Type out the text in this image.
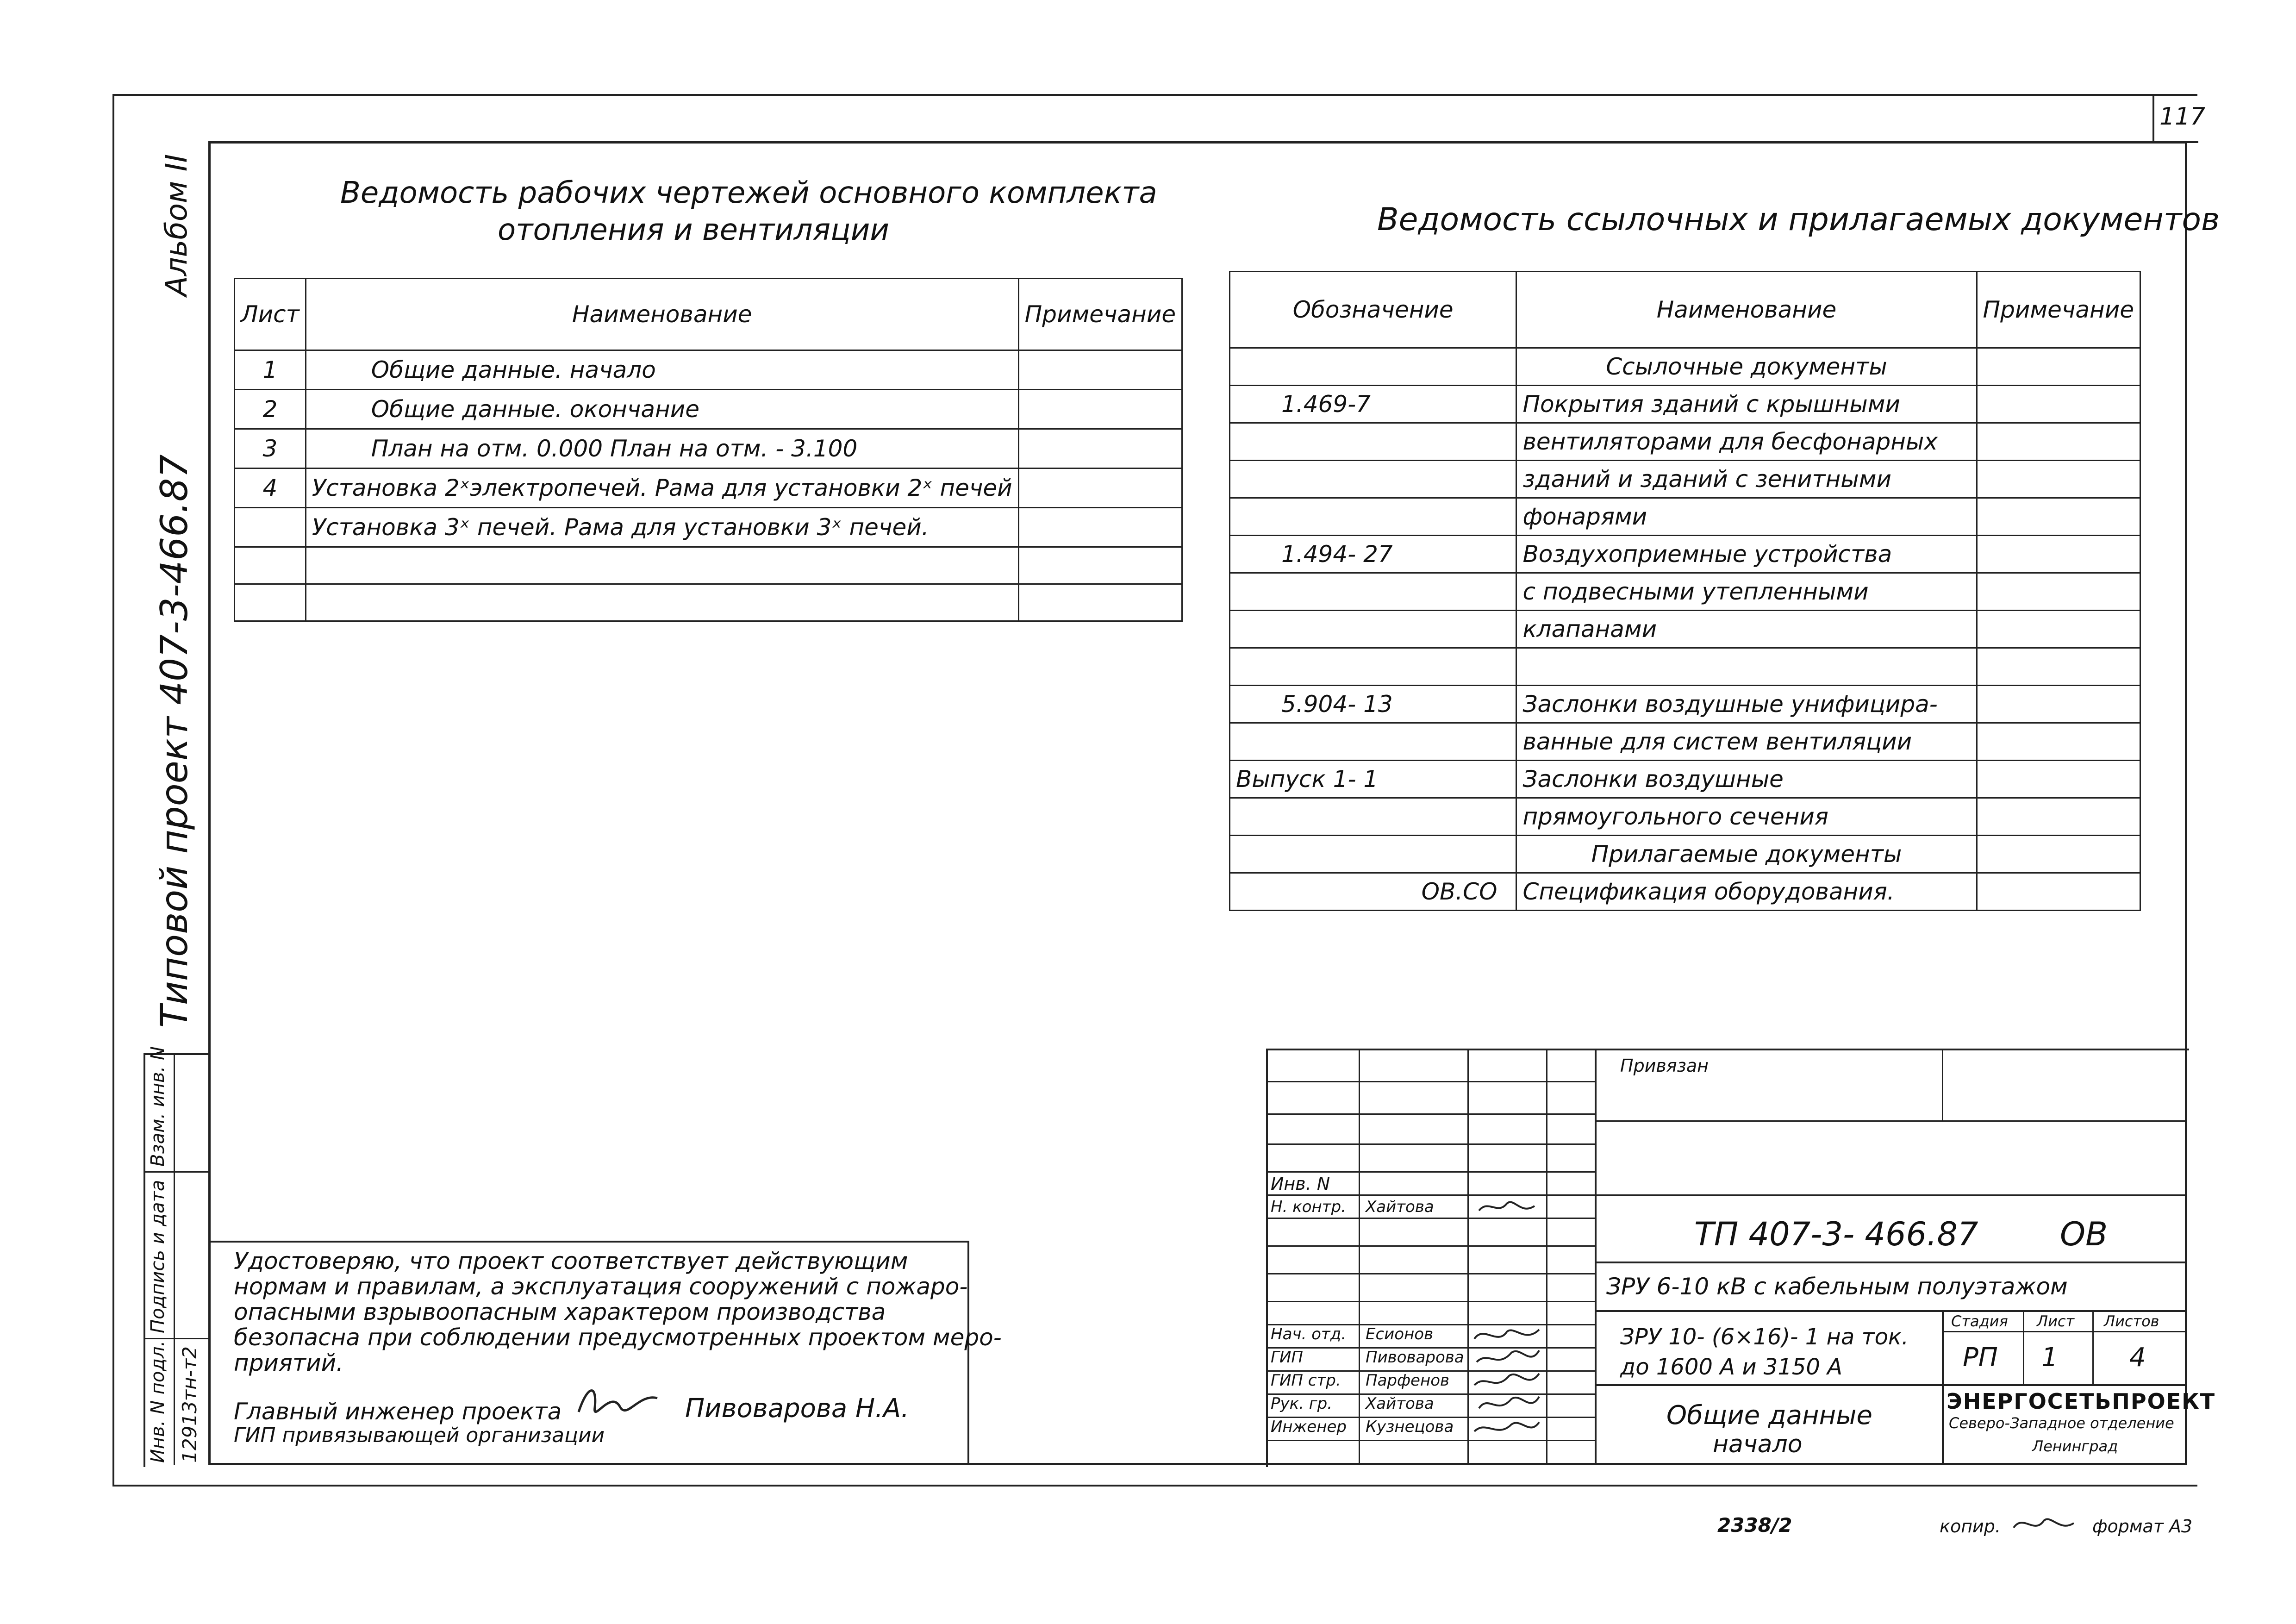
117
Альбом II
Типовой проект 407-3-466.87
Взам. инв. N
Подпись и дата
Инв. N подл. 12913тн-т2
Ведомость рабочих чертежей основного комплекта
отопления и вентиляции
Лист	Наименование	Примечание
1	Общие данные. начало	
2	Общие данные. окончание	
3	План на отм. 0.000 План на отм. - 3.100	
4	Установка 2ˣэлектропечей. Рама для установки 2ˣ печей	
	Установка 3ˣ печей. Рама для установки 3ˣ печей.	

Ведомость ссылочных и прилагаемых документов
Обозначение	Наименование	Примечание
	Ссылочные документы	
1.469-7	Покрытия зданий с крышными	
	вентиляторами для бесфонарных	
	зданий и зданий с зенитными	
	фонарями	
1.494- 27	Воздухоприемные устройства	
	с подвесными утепленными	
	клапанами	

5.904- 13	Заслонки воздушные унифицира-	
	ванные для систем вентиляции	
Выпуск 1- 1	Заслонки воздушные	
	прямоугольного сечения	
	Прилагаемые документы	
ОВ.СО	Спецификация оборудования.	
Удостоверяю, что проект соответствует действующим
нормам и правилам, а эксплуатация сооружений с пожаро-
опасными взрывоопасным характером производства
безопасна при соблюдении предусмотренных проектом меро-
приятий.
Главный инженер проекта	Пивоварова Н.А.
ГИП привязывающей организации
Инв. N
Н. контр. Хайтова
Нач. отд. Есионов
ГИП	Пивоварова
ГИП стр. Парфенов
Рук. гр. Хайтова
Инженер Кузнецова
Привязан
ТП 407-3- 466.87	ОВ
ЗРУ 6-10 кВ с кабельным полуэтажом
ЗРУ 10- (6×16)- 1 на ток.
до 1600 А и 3150 А
Общие данные
начало
Стадия Лист Листов
РП 1	4
ЭНЕРГОСЕТЬПРОЕКТ
Северо-Западное отделение
Ленинград
2338/2	копир.	формат А3
